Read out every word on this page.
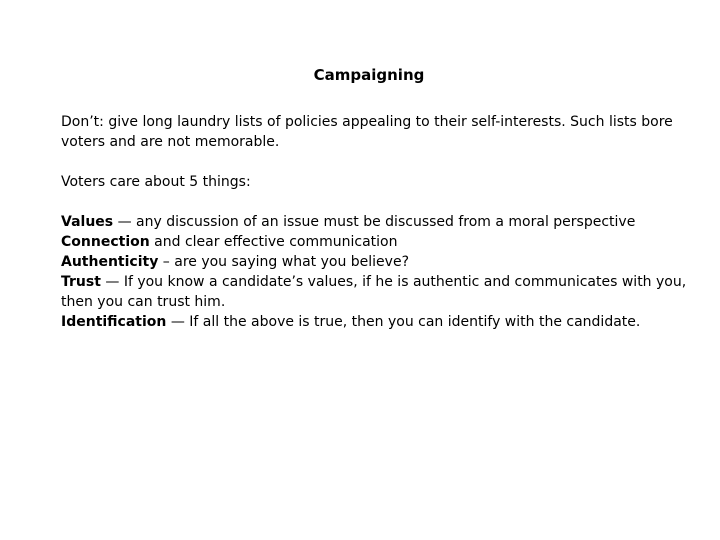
Campaigning

Don’t: give long laundry lists of policies appealing to their self-interests. Such lists bore voters and are not memorable.

Voters care about 5 things:

Values — any discussion of an issue must be discussed from a moral perspective

Connection and clear effective communication

Authenticity – are you saying what you believe?

Trust — If you know a candidate’s values, if he is authentic and communicates with you, then you can trust him.

Identification — If all the above is true, then you can identify with the candidate.
